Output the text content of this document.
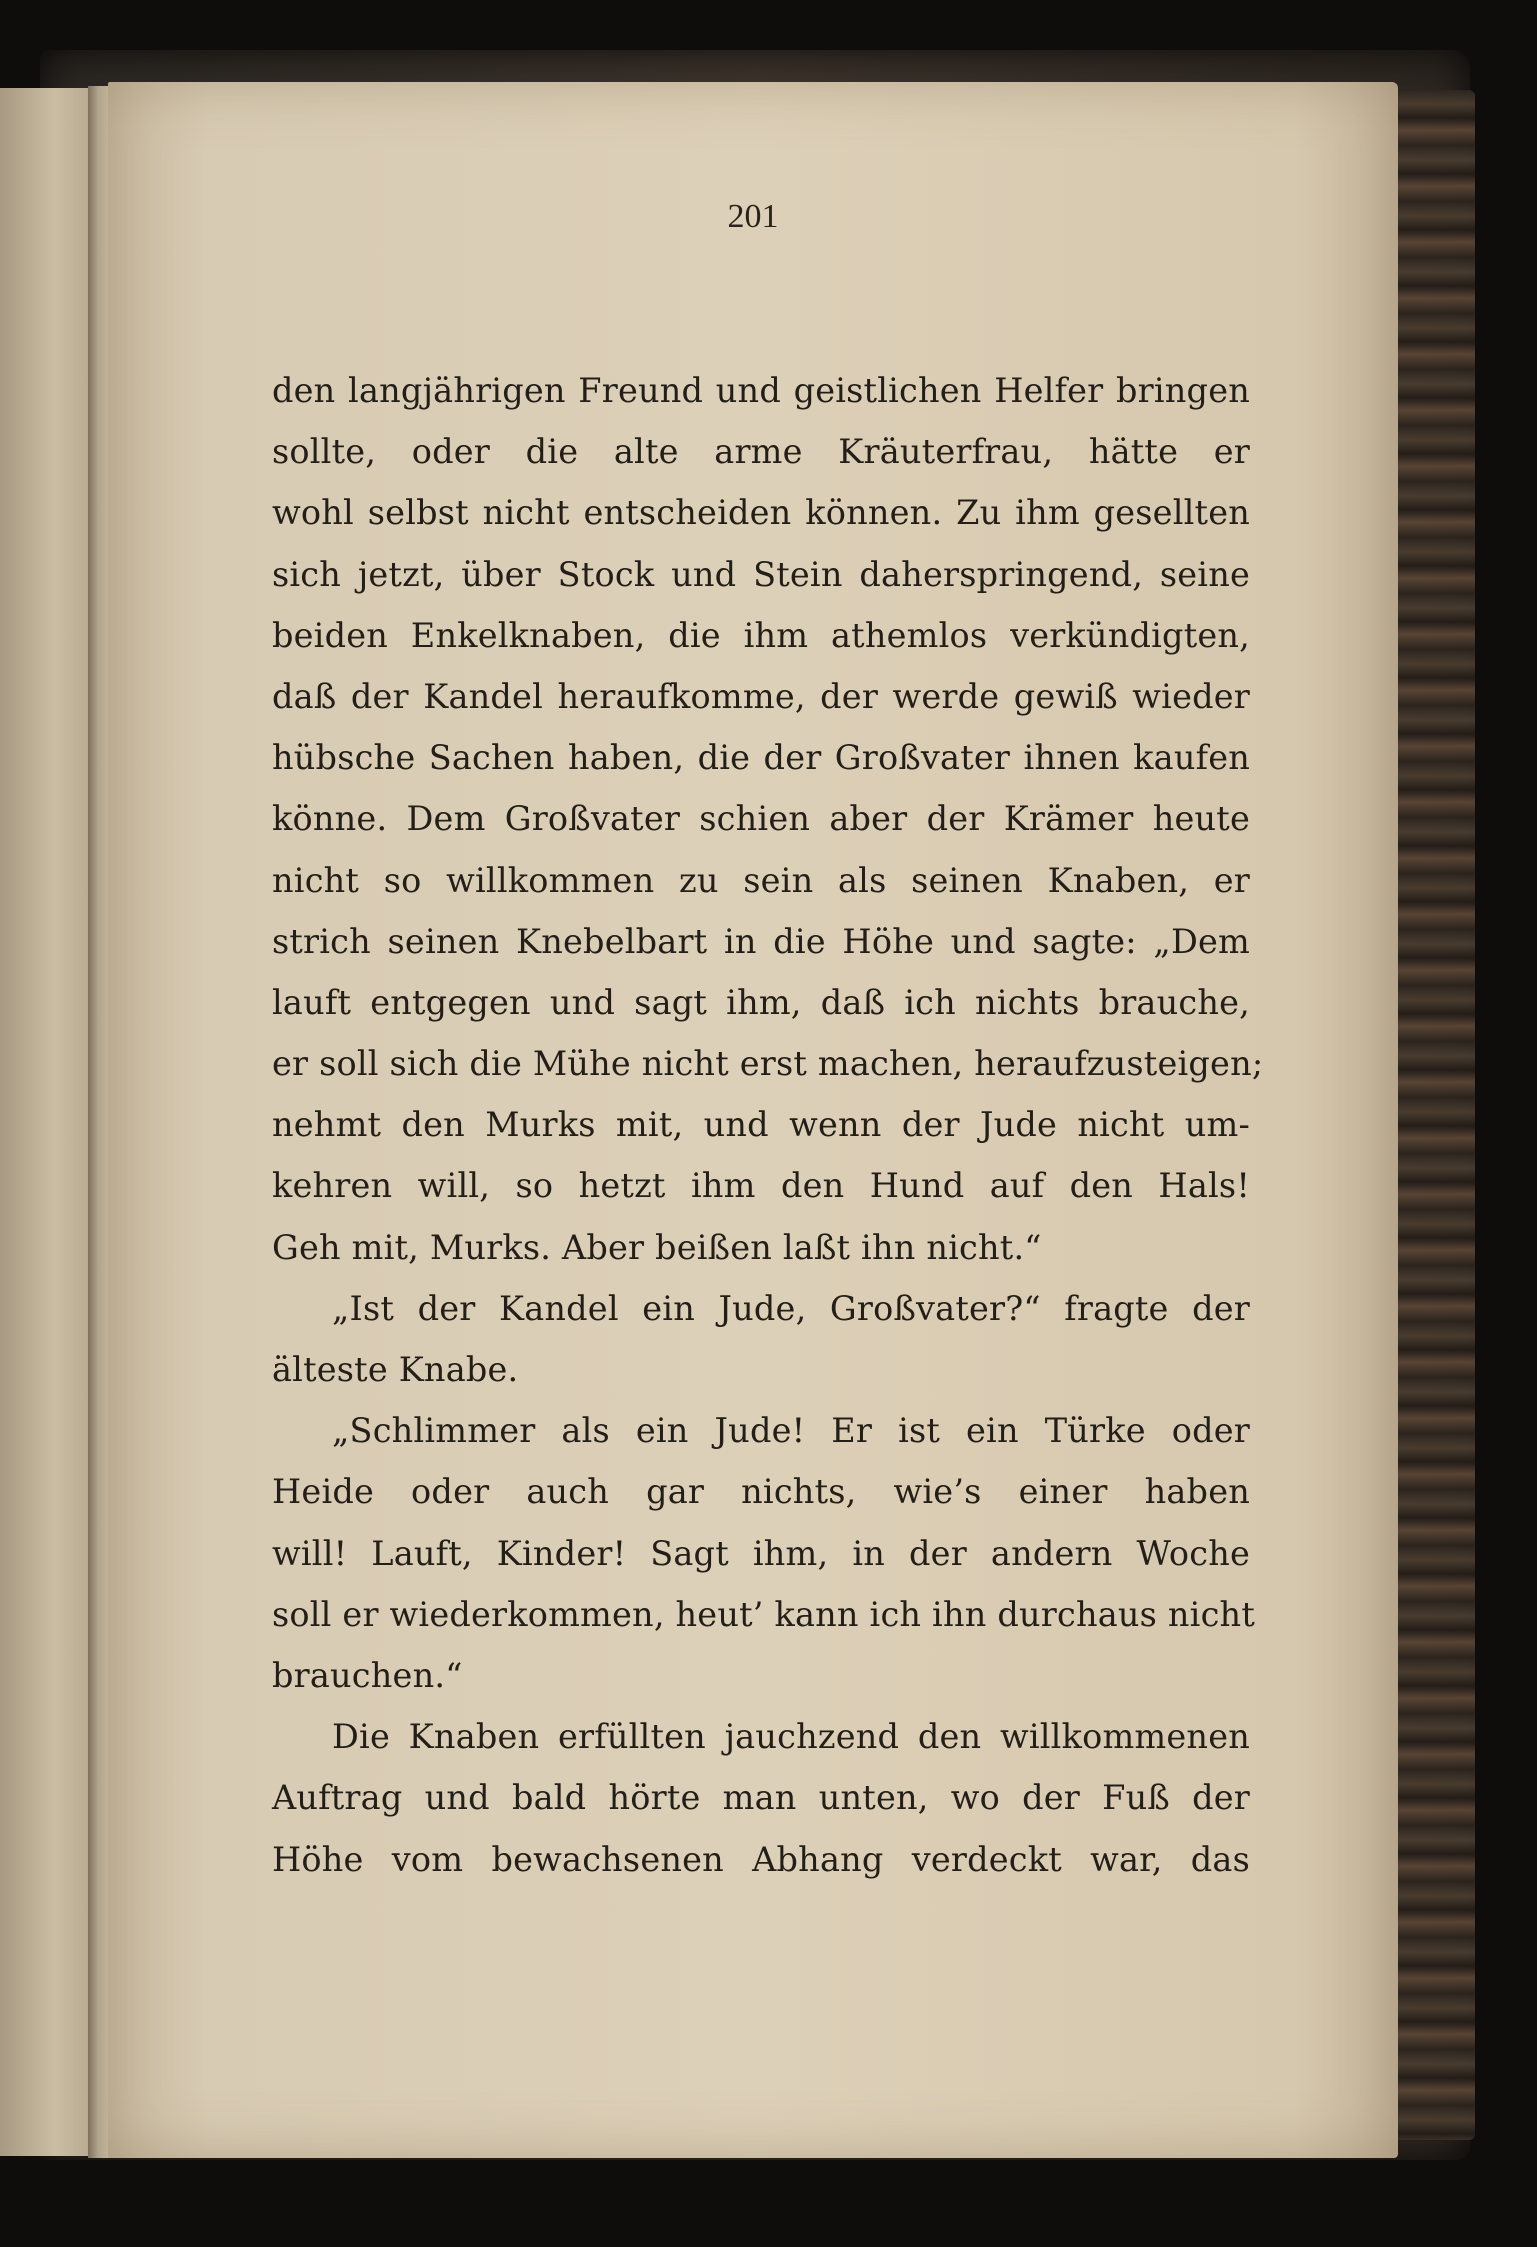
201
den langjährigen Freund und geistlichen Helfer bringen
sollte, oder die alte arme Kräuterfrau, hätte er
wohl selbst nicht entscheiden können. Zu ihm gesellten
sich jetzt, über Stock und Stein daherspringend, seine
beiden Enkelknaben, die ihm athemlos verkündigten,
daß der Kandel heraufkomme, der werde gewiß wieder
hübsche Sachen haben, die der Großvater ihnen kaufen
könne. Dem Großvater schien aber der Krämer heute
nicht so willkommen zu sein als seinen Knaben, er
strich seinen Knebelbart in die Höhe und sagte: „Dem
lauft entgegen und sagt ihm, daß ich nichts brauche,
er soll sich die Mühe nicht erst machen, heraufzusteigen;
nehmt den Murks mit, und wenn der Jude nicht um-
kehren will, so hetzt ihm den Hund auf den Hals!
Geh mit, Murks. Aber beißen laßt ihn nicht.“
„Ist der Kandel ein Jude, Großvater?“ fragte der
älteste Knabe.
„Schlimmer als ein Jude! Er ist ein Türke oder
Heide oder auch gar nichts, wie’s einer haben
will! Lauft, Kinder! Sagt ihm, in der andern Woche
soll er wiederkommen, heut’ kann ich ihn durchaus nicht
brauchen.“
Die Knaben erfüllten jauchzend den willkommenen
Auftrag und bald hörte man unten, wo der Fuß der
Höhe vom bewachsenen Abhang verdeckt war, das
